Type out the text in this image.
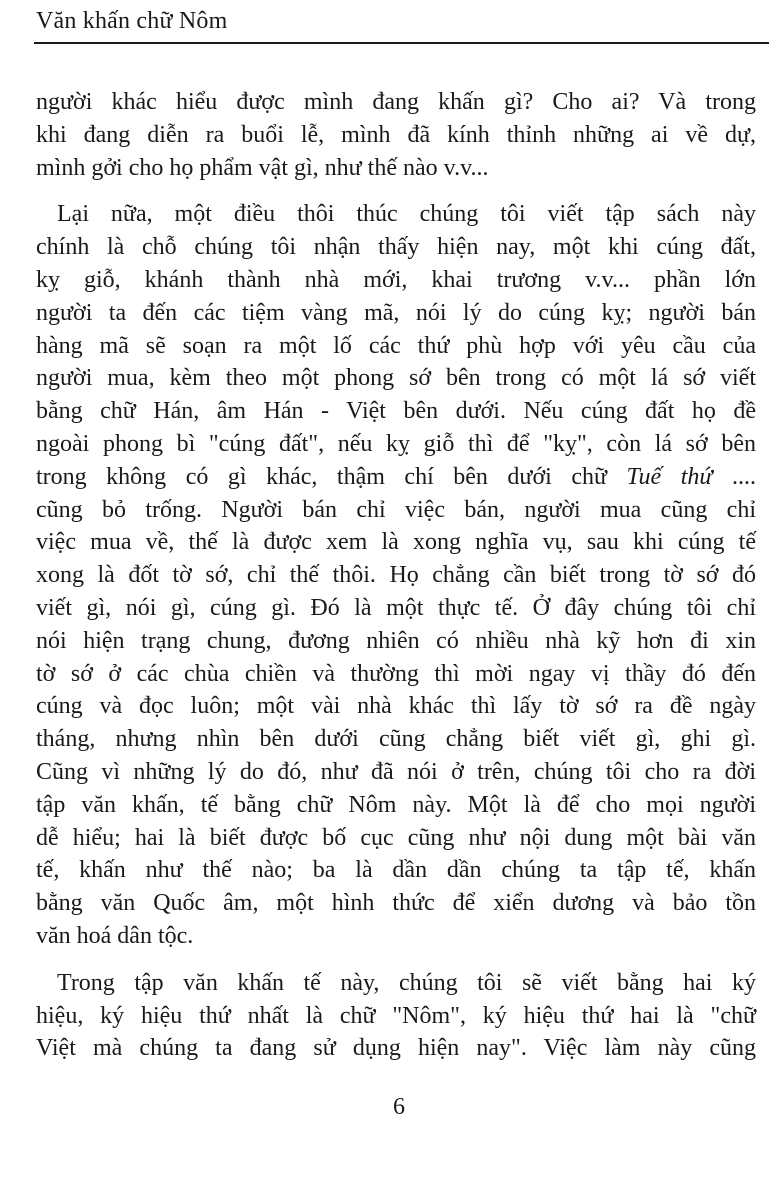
Văn khấn chữ Nôm

người khác hiểu được mình đang khấn gì? Cho ai? Và trong
khi đang diễn ra buổi lễ, mình đã kính thỉnh những ai về dự,
mình gởi cho họ phẩm vật gì, như thế nào v.v...

Lại nữa, một điều thôi thúc chúng tôi viết tập sách này
chính là chỗ chúng tôi nhận thấy hiện nay, một khi cúng đất,
kỵ giỗ, khánh thành nhà mới, khai trương v.v... phần lớn
người ta đến các tiệm vàng mã, nói lý do cúng kỵ; người bán
hàng mã sẽ soạn ra một lố các thứ phù hợp với yêu cầu của
người mua, kèm theo một phong sớ bên trong có một lá sớ viết
bằng chữ Hán, âm Hán - Việt bên dưới. Nếu cúng đất họ đề
ngoài phong bì "cúng đất", nếu kỵ giỗ thì để "kỵ", còn lá sớ bên
trong không có gì khác, thậm chí bên dưới chữ Tuế thứ ....
cũng bỏ trống. Người bán chỉ việc bán, người mua cũng chỉ
việc mua về, thế là được xem là xong nghĩa vụ, sau khi cúng tế
xong là đốt tờ sớ, chỉ thế thôi. Họ chẳng cần biết trong tờ sớ đó
viết gì, nói gì, cúng gì. Đó là một thực tế. Ở đây chúng tôi chỉ
nói hiện trạng chung, đương nhiên có nhiều nhà kỹ hơn đi xin
tờ sớ ở các chùa chiền và thường thì mời ngay vị thầy đó đến
cúng và đọc luôn; một vài nhà khác thì lấy tờ sớ ra đề ngày
tháng, nhưng nhìn bên dưới cũng chẳng biết viết gì, ghi gì.
Cũng vì những lý do đó, như đã nói ở trên, chúng tôi cho ra đời
tập văn khấn, tế bằng chữ Nôm này. Một là để cho mọi người
dễ hiểu; hai là biết được bố cục cũng như nội dung một bài văn
tế, khấn như thế nào; ba là dần dần chúng ta tập tế, khấn
bằng văn Quốc âm, một hình thức để xiển dương và bảo tồn
văn hoá dân tộc.

Trong tập văn khấn tế này, chúng tôi sẽ viết bằng hai ký
hiệu, ký hiệu thứ nhất là chữ "Nôm", ký hiệu thứ hai là "chữ
Việt mà chúng ta đang sử dụng hiện nay". Việc làm này cũng

6
